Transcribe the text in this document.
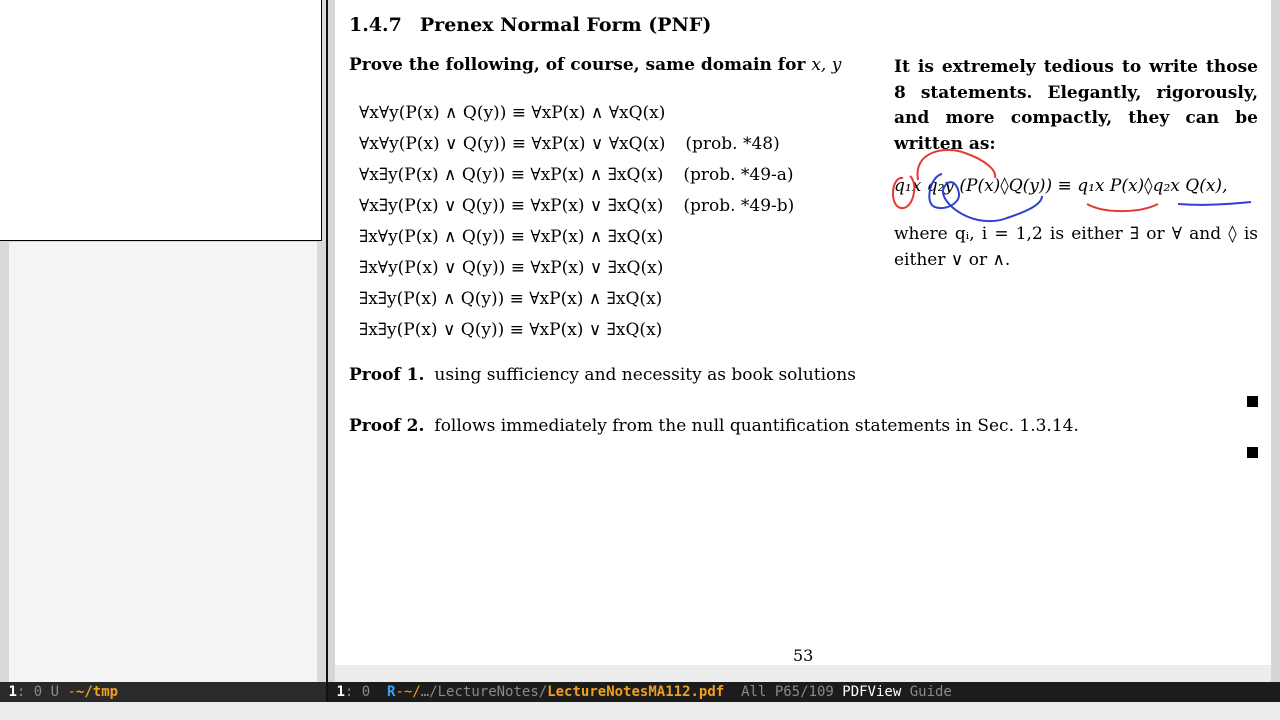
1.4.7 Prenex Normal Form (PNF)
Prove the following, of course, same domain for x, y
∀x∀y(P(x) ∧ Q(y)) ≡ ∀xP(x) ∧ ∀xQ(x)
∀x∀y(P(x) ∨ Q(y)) ≡ ∀xP(x) ∨ ∀xQ(x) (prob. *48)
∀x∃y(P(x) ∧ Q(y)) ≡ ∀xP(x) ∧ ∃xQ(x) (prob. *49-a)
∀x∃y(P(x) ∨ Q(y)) ≡ ∀xP(x) ∨ ∃xQ(x) (prob. *49-b)
∃x∀y(P(x) ∧ Q(y)) ≡ ∀xP(x) ∧ ∃xQ(x)
∃x∀y(P(x) ∨ Q(y)) ≡ ∀xP(x) ∨ ∃xQ(x)
∃x∃y(P(x) ∧ Q(y)) ≡ ∀xP(x) ∧ ∃xQ(x)
∃x∃y(P(x) ∨ Q(y)) ≡ ∀xP(x) ∨ ∃xQ(x)
It is extremely tedious to write those 8 statements. Elegantly, rigorously, and more compactly, they can be written as:
q₁x q₂y (P(x)◊Q(y)) ≡ q₁x P(x)◊q₂x Q(x),
where qᵢ, i = 1,2 is either ∃ or ∀ and ◊ is either ∨ or ∧.
Proof 1. using sufficiency and necessity as book solutions
Proof 2. follows immediately from the null quantification statements in Sec. 1.3.14.
53
1: 0 U -~/tmp	1: 0 R-~/…/LectureNotes/LectureNotesMA112.pdf All P65/109 PDFView Guide
